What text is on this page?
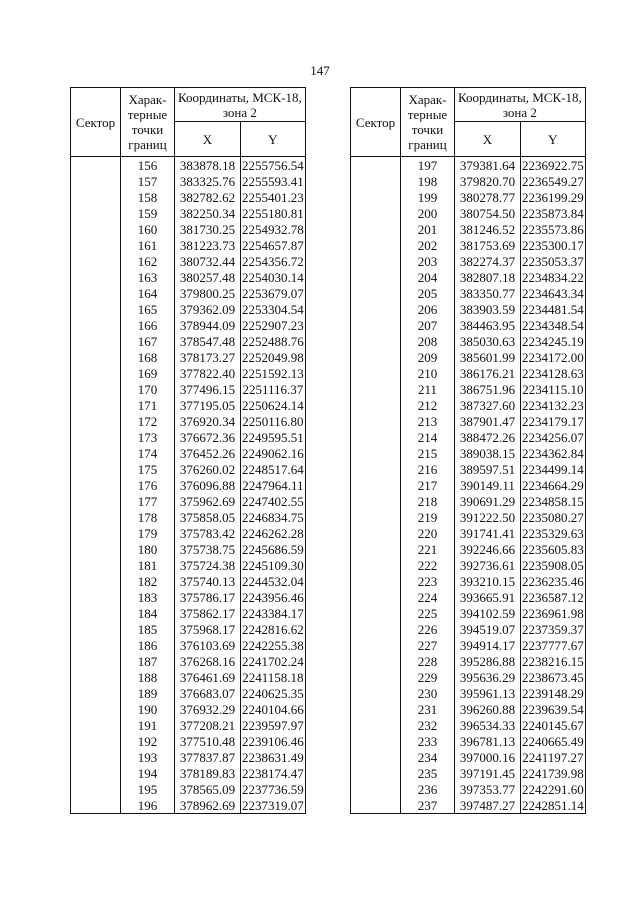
147
Сектор	Харак-терные точки границ	Координаты, МСК-18, зона 2	
		X	Y
	156	383878.18	2255756.54
	157	383325.76	2255593.41
	158	382782.62	2255401.23
	159	382250.34	2255180.81
	160	381730.25	2254932.78
	161	381223.73	2254657.87
	162	380732.44	2254356.72
	163	380257.48	2254030.14
	164	379800.25	2253679.07
	165	379362.09	2253304.54
	166	378944.09	2252907.23
	167	378547.48	2252488.76
	168	378173.27	2252049.98
	169	377822.40	2251592.13
	170	377496.15	2251116.37
	171	377195.05	2250624.14
	172	376920.34	2250116.80
	173	376672.36	2249595.51
	174	376452.26	2249062.16
	175	376260.02	2248517.64
	176	376096.88	2247964.11
	177	375962.69	2247402.55
	178	375858.05	2246834.75
	179	375783.42	2246262.28
	180	375738.75	2245686.59
	181	375724.38	2245109.30
	182	375740.13	2244532.04
	183	375786.17	2243956.46
	184	375862.17	2243384.17
	185	375968.17	2242816.62
	186	376103.69	2242255.38
	187	376268.16	2241702.24
	188	376461.69	2241158.18
	189	376683.07	2240625.35
	190	376932.29	2240104.66
	191	377208.21	2239597.97
	192	377510.48	2239106.46
	193	377837.87	2238631.49
	194	378189.83	2238174.47
	195	378565.09	2237736.59
	196	378962.69	2237319.07
Сектор	Харак-терные точки границ	Координаты, МСК-18, зона 2	
		X	Y
	197	379381.64	2236922.75
	198	379820.70	2236549.27
	199	380278.77	2236199.29
	200	380754.50	2235873.84
	201	381246.52	2235573.86
	202	381753.69	2235300.17
	203	382274.37	2235053.37
	204	382807.18	2234834.22
	205	383350.77	2234643.34
	206	383903.59	2234481.54
	207	384463.95	2234348.54
	208	385030.63	2234245.19
	209	385601.99	2234172.00
	210	386176.21	2234128.63
	211	386751.96	2234115.10
	212	387327.60	2234132.23
	213	387901.47	2234179.17
	214	388472.26	2234256.07
	215	389038.15	2234362.84
	216	389597.51	2234499.14
	217	390149.11	2234664.29
	218	390691.29	2234858.15
	219	391222.50	2235080.27
	220	391741.41	2235329.63
	221	392246.66	2235605.83
	222	392736.61	2235908.05
	223	393210.15	2236235.46
	224	393665.91	2236587.12
	225	394102.59	2236961.98
	226	394519.07	2237359.37
	227	394914.17	2237777.67
	228	395286.88	2238216.15
	229	395636.29	2238673.45
	230	395961.13	2239148.29
	231	396260.88	2239639.54
	232	396534.33	2240145.67
	233	396781.13	2240665.49
	234	397000.16	2241197.27
	235	397191.45	2241739.98
	236	397353.77	2242291.60
	237	397487.27	2242851.14
